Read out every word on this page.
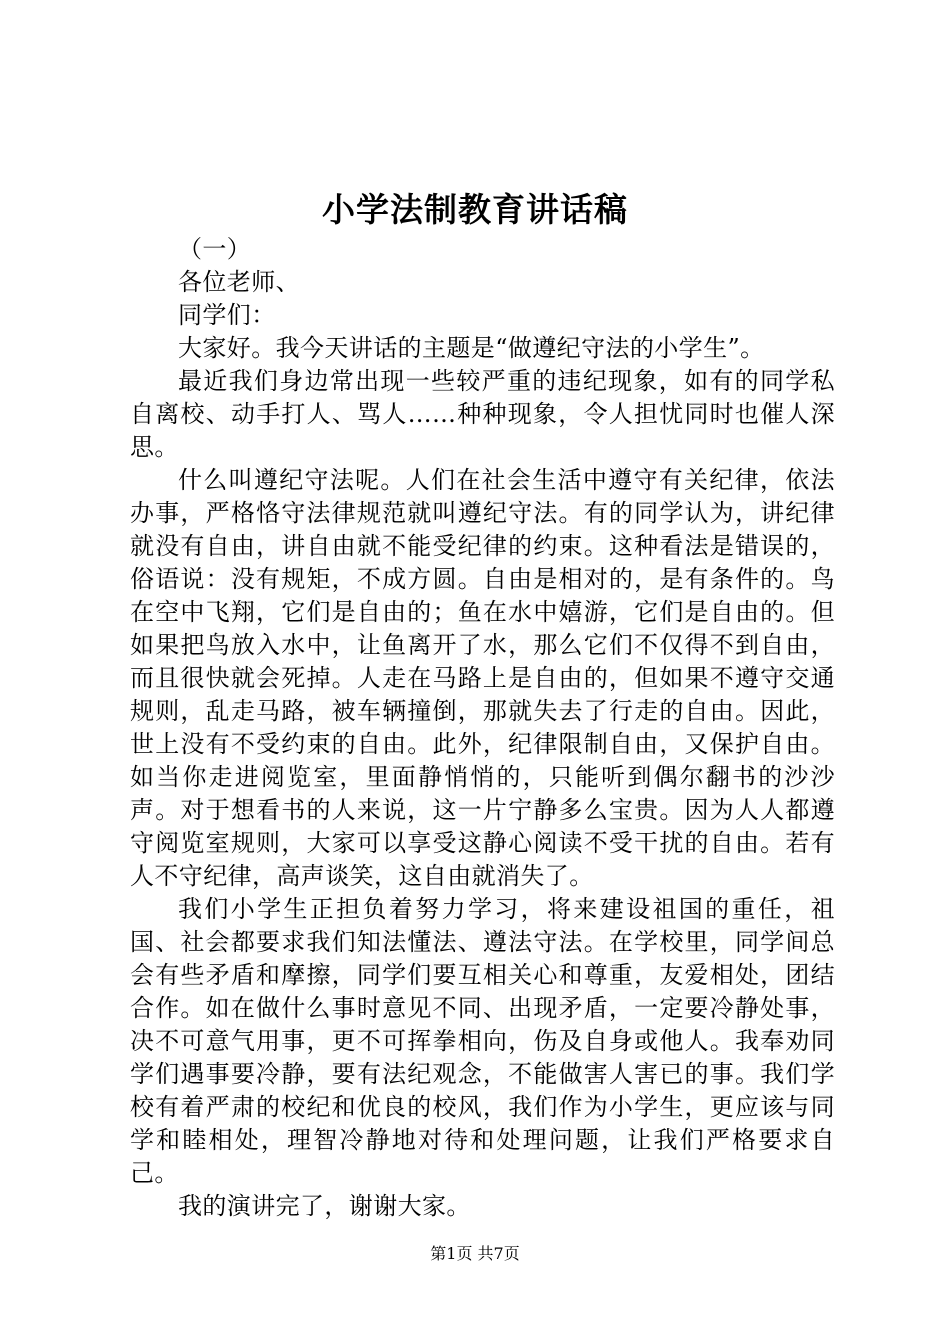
小学法制教育讲话稿

（一）

各位老师、

同学们：

大家好。我今天讲话的主题是“做遵纪守法的小学生”。

最近我们身边常出现一些较严重的违纪现象，如有的同学私自离校、动手打人、骂人……种种现象，令人担忧同时也催人深思。

什么叫遵纪守法呢。人们在社会生活中遵守有关纪律，依法办事，严格恪守法律规范就叫遵纪守法。有的同学认为，讲纪律就没有自由，讲自由就不能受纪律的约束。这种看法是错误的，俗语说：没有规矩，不成方圆。自由是相对的，是有条件的。鸟在空中飞翔，它们是自由的；鱼在水中嬉游，它们是自由的。但如果把鸟放入水中，让鱼离开了水，那么它们不仅得不到自由，而且很快就会死掉。人走在马路上是自由的，但如果不遵守交通规则，乱走马路，被车辆撞倒，那就失去了行走的自由。因此，世上没有不受约束的自由。此外，纪律限制自由，又保护自由。如当你走进阅览室，里面静悄悄的，只能听到偶尔翻书的沙沙声。对于想看书的人来说，这一片宁静多么宝贵。因为人人都遵守阅览室规则，大家可以享受这静心阅读不受干扰的自由。若有人不守纪律，高声谈笑，这自由就消失了。

我们小学生正担负着努力学习，将来建设祖国的重任，祖国、社会都要求我们知法懂法、遵法守法。在学校里，同学间总会有些矛盾和摩擦，同学们要互相关心和尊重，友爱相处，团结合作。如在做什么事时意见不同、出现矛盾，一定要冷静处事，决不可意气用事，更不可挥拳相向，伤及自身或他人。我奉劝同学们遇事要冷静，要有法纪观念，不能做害人害已的事。我们学校有着严肃的校纪和优良的校风，我们作为小学生，更应该与同学和睦相处，理智冷静地对待和处理问题，让我们严格要求自己。

我的演讲完了，谢谢大家。

第1页 共7页
